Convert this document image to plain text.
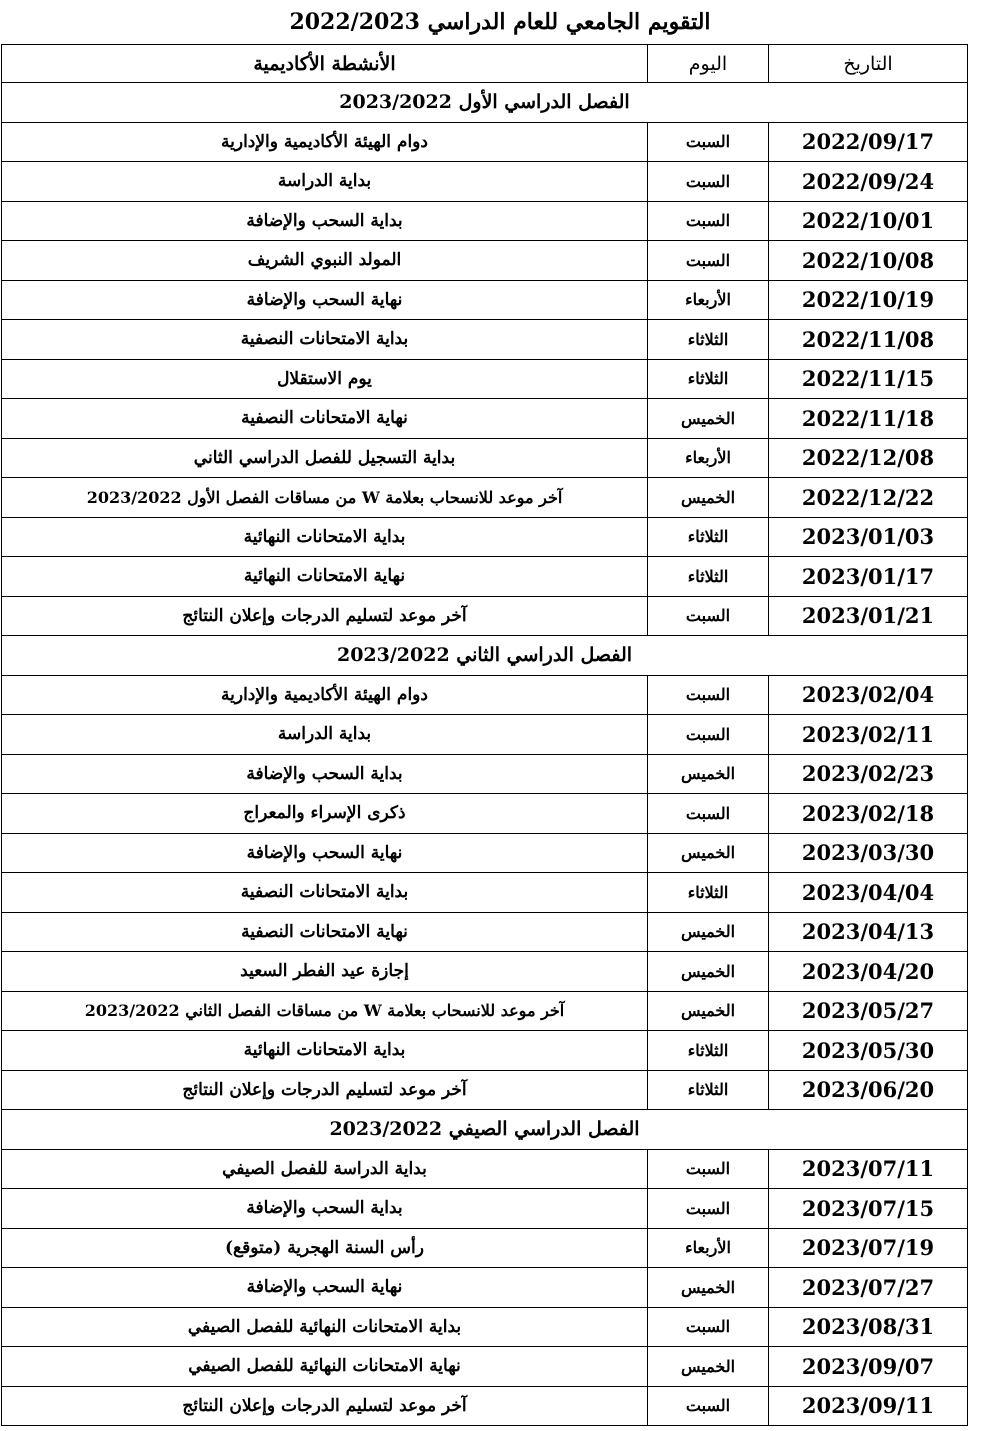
التقويم الجامعي للعام الدراسي 2022/2023
التاريخ	اليوم	الأنشطة الأكاديمية
الفصل الدراسي الأول 2023/2022		
2022/09/17	السبت	دوام الهيئة الأكاديمية والإدارية
2022/09/24	السبت	بداية الدراسة
2022/10/01	السبت	بداية السحب والإضافة
2022/10/08	السبت	المولد النبوي الشريف
2022/10/19	الأربعاء	نهاية السحب والإضافة
2022/11/08	الثلاثاء	بداية الامتحانات النصفية
2022/11/15	الثلاثاء	يوم الاستقلال
2022/11/18	الخميس	نهاية الامتحانات النصفية
2022/12/08	الأربعاء	بداية التسجيل للفصل الدراسي الثاني
2022/12/22	الخميس	آخر موعد للانسحاب بعلامة W من مساقات الفصل الأول 2023/2022
2023/01/03	الثلاثاء	بداية الامتحانات النهائية
2023/01/17	الثلاثاء	نهاية الامتحانات النهائية
2023/01/21	السبت	آخر موعد لتسليم الدرجات وإعلان النتائج
الفصل الدراسي الثاني 2023/2022		
2023/02/04	السبت	دوام الهيئة الأكاديمية والإدارية
2023/02/11	السبت	بداية الدراسة
2023/02/23	الخميس	بداية السحب والإضافة
2023/02/18	السبت	ذكرى الإسراء والمعراج
2023/03/30	الخميس	نهاية السحب والإضافة
2023/04/04	الثلاثاء	بداية الامتحانات النصفية
2023/04/13	الخميس	نهاية الامتحانات النصفية
2023/04/20	الخميس	إجازة عيد الفطر السعيد
2023/05/27	الخميس	آخر موعد للانسحاب بعلامة W من مساقات الفصل الثاني 2023/2022
2023/05/30	الثلاثاء	بداية الامتحانات النهائية
2023/06/20	الثلاثاء	آخر موعد لتسليم الدرجات وإعلان النتائج
الفصل الدراسي الصيفي 2023/2022		
2023/07/11	السبت	بداية الدراسة للفصل الصيفي
2023/07/15	السبت	بداية السحب والإضافة
2023/07/19	الأربعاء	رأس السنة الهجرية (متوقع)
2023/07/27	الخميس	نهاية السحب والإضافة
2023/08/31	السبت	بداية الامتحانات النهائية للفصل الصيفي
2023/09/07	الخميس	نهاية الامتحانات النهائية للفصل الصيفي
2023/09/11	السبت	آخر موعد لتسليم الدرجات وإعلان النتائج
